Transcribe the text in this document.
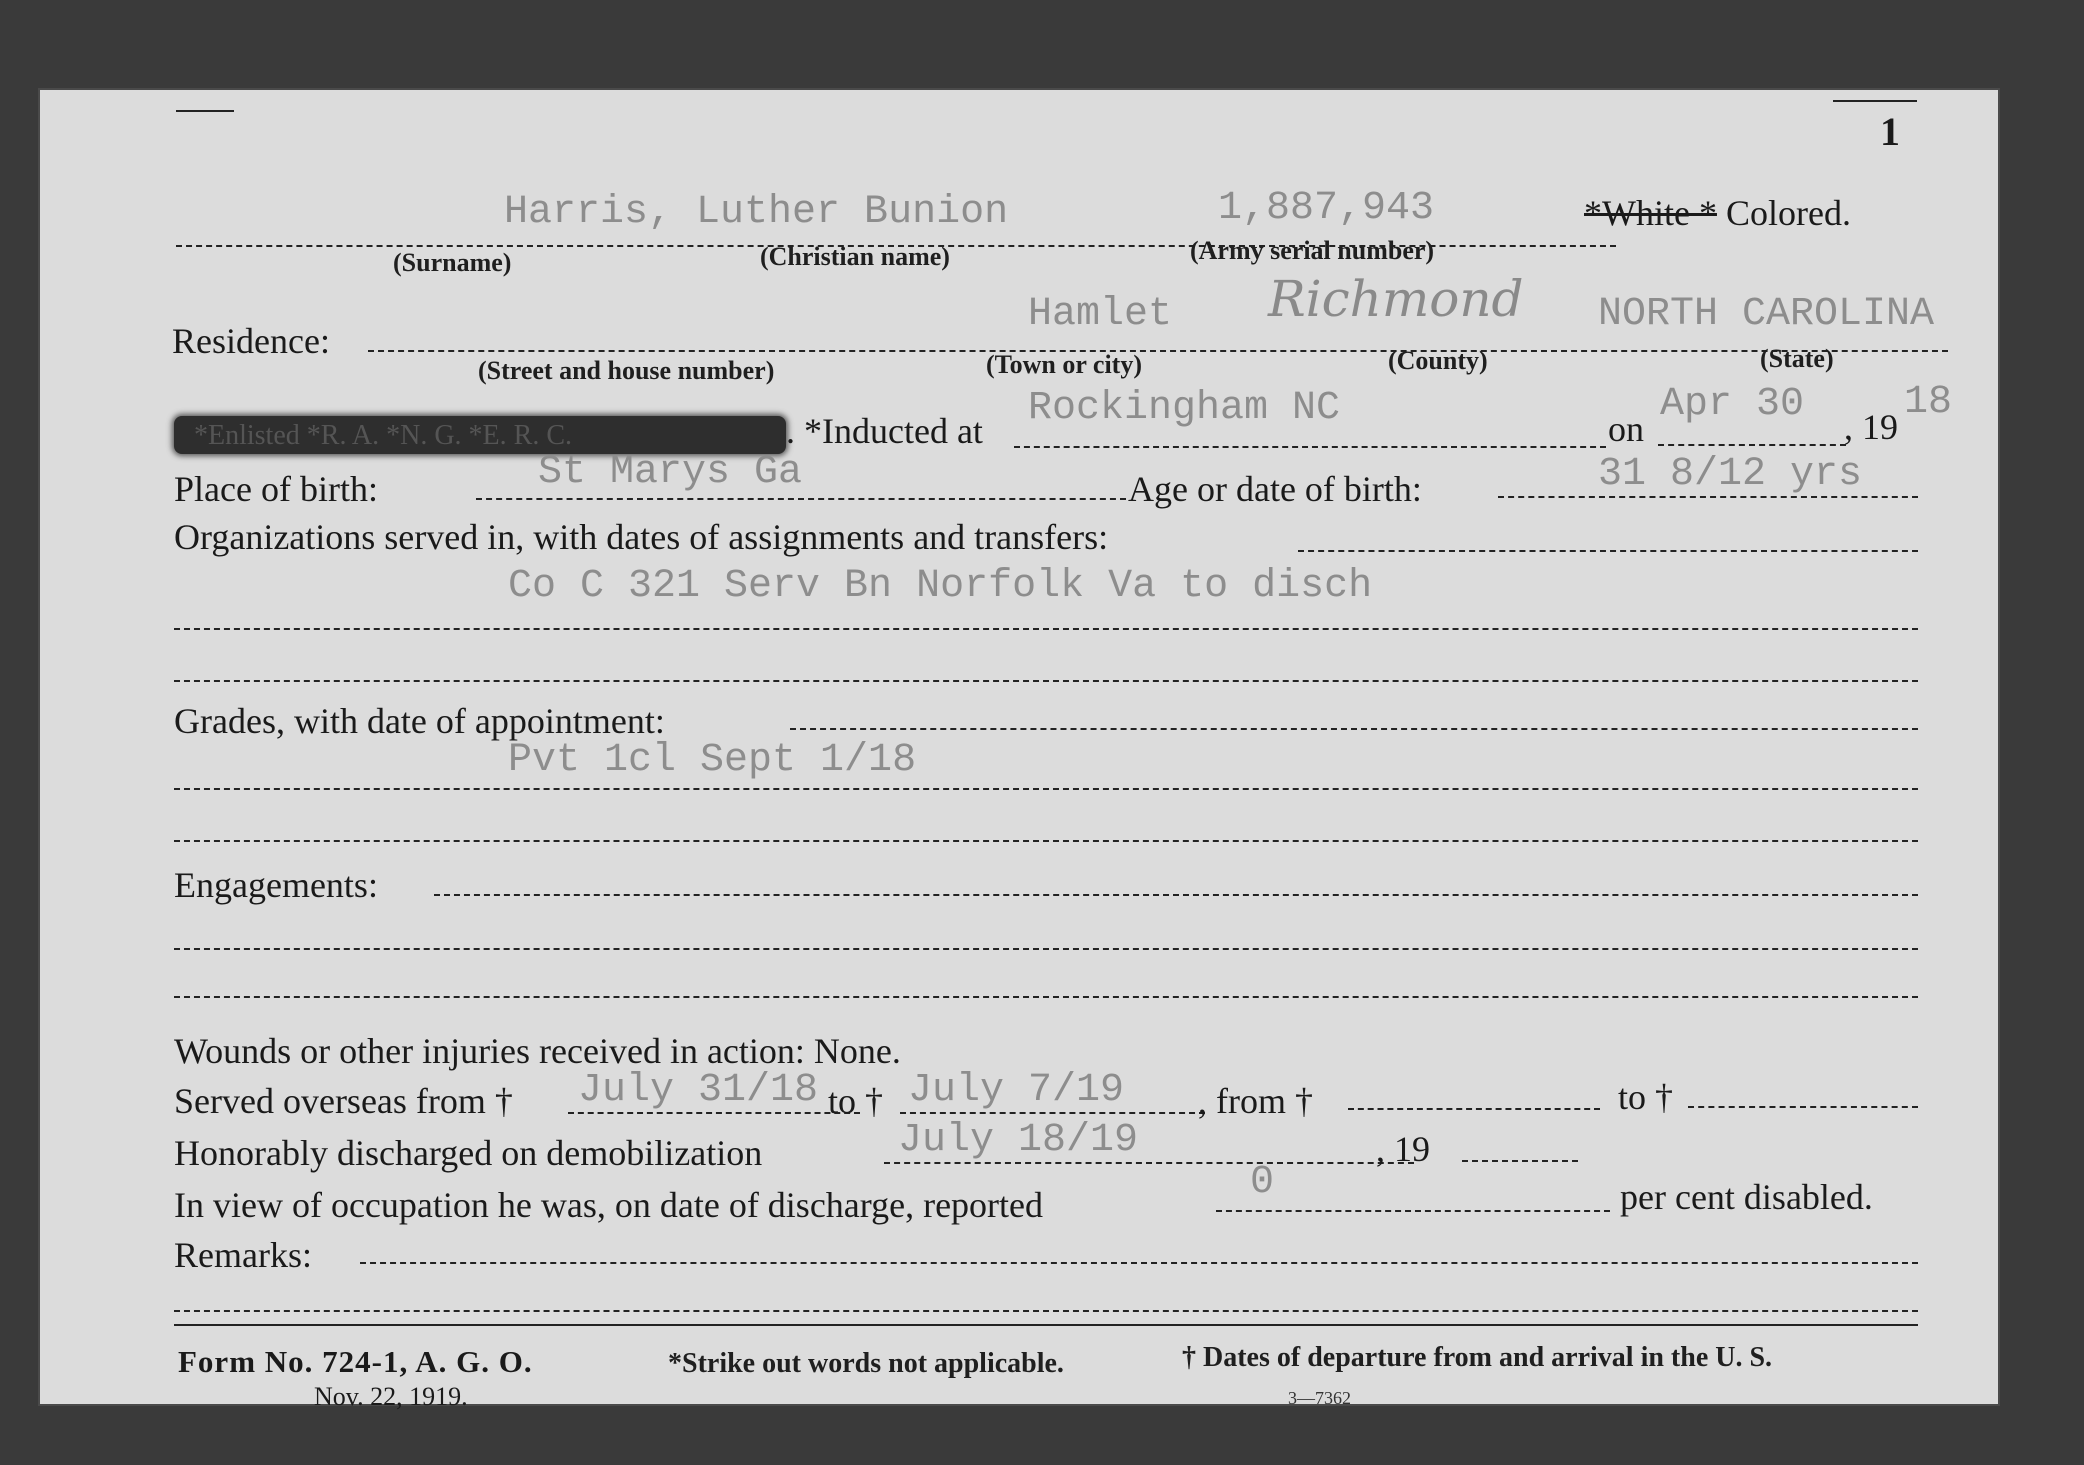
1
Harris, Luther Bunion	1,887,943	*White * Colored.
(Surname)	(Christian name)	(Army serial number)
Residence:
Hamlet Richmond NORTH CAROLINA
(Street and house number)	(Town or city)	(County)	(State)
*Enlisted *R. A. *N. G. *E. R. C.	. *Inducted at Rockingham NC	on
Apr 30 , 19
18
Place of birth:	St Marys Ga	Age or date of birth:	31 8/12 yrs
Organizations served in, with dates of assignments and transfers:
Co C 321 Serv Bn Norfolk Va to disch
Grades, with date of appointment:
Pvt 1cl Sept 1/18
Engagements:
Wounds or other injuries received in action: None.
Served overseas from † July 31/18 to † July 7/19 , from †	to †
Honorably discharged on demobilization	July 18/19	, 19
In view of occupation he was, on date of discharge, reported	0	per cent disabled.
Remarks:
Form No. 724-1, A. G. O.
Nov. 22, 1919.
*Strike out words not applicable.	† Dates of departure from and arrival in the U. S.
3—7362
